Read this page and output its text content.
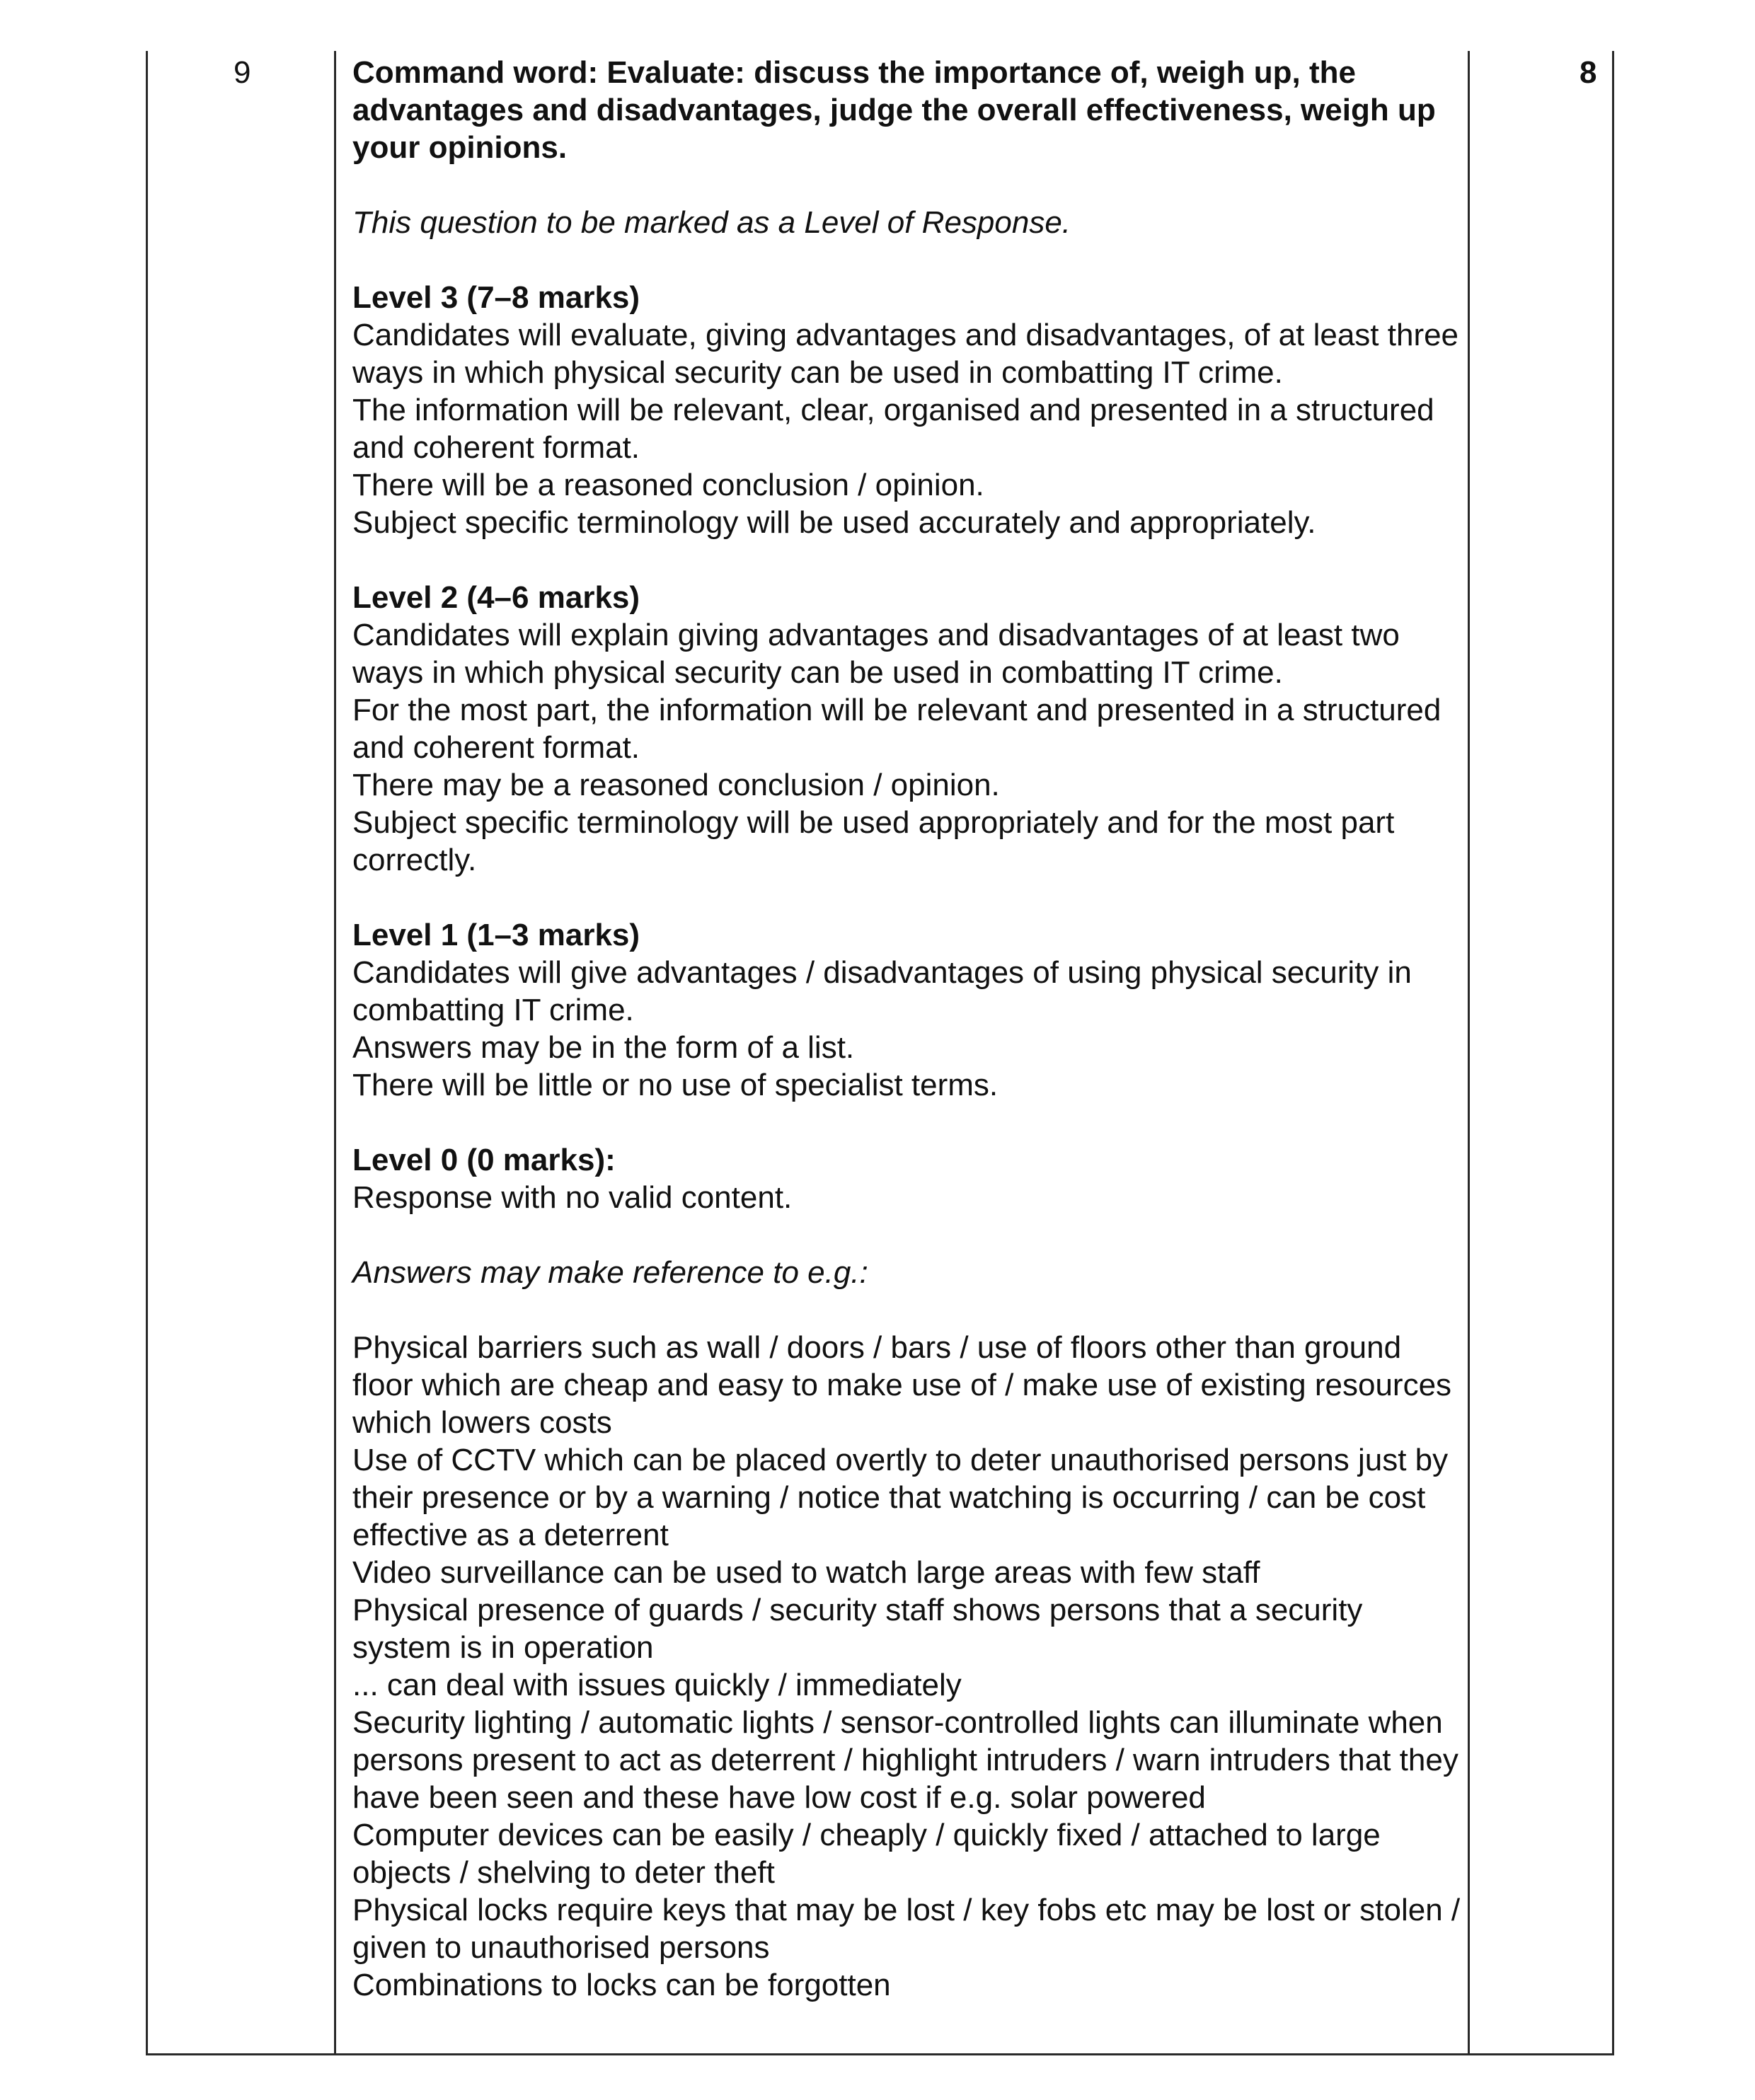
9	8

Command word: Evaluate: discuss the importance of, weigh up, the advantages and disadvantages, judge the overall effectiveness, weigh up your opinions.

This question to be marked as a Level of Response.

Level 3 (7–8 marks)

Candidates will evaluate, giving advantages and disadvantages, of at least three ways in which physical security can be used in combatting IT crime.

The information will be relevant, clear, organised and presented in a structured and coherent format.

There will be a reasoned conclusion / opinion.

Subject specific terminology will be used accurately and appropriately.

Level 2 (4–6 marks)

Candidates will explain giving advantages and disadvantages of at least two ways in which physical security can be used in combatting IT crime.

For the most part, the information will be relevant and presented in a structured and coherent format.

There may be a reasoned conclusion / opinion.

Subject specific terminology will be used appropriately and for the most part correctly.

Level 1 (1–3 marks)

Candidates will give advantages / disadvantages of using physical security in combatting IT crime.

Answers may be in the form of a list.

There will be little or no use of specialist terms.

Level 0 (0 marks):

Response with no valid content.

Answers may make reference to e.g.:

Physical barriers such as wall / doors / bars / use of floors other than ground floor which are cheap and easy to make use of / make use of existing resources which lowers costs

Use of CCTV which can be placed overtly to deter unauthorised persons just by their presence or by a warning / notice that watching is occurring / can be cost effective as a deterrent

Video surveillance can be used to watch large areas with few staff

Physical presence of guards / security staff shows persons that a security system is in operation

... can deal with issues quickly / immediately

Security lighting / automatic lights / sensor-controlled lights can illuminate when persons present to act as deterrent / highlight intruders / warn intruders that they have been seen and these have low cost if e.g. solar powered

Computer devices can be easily / cheaply / quickly fixed / attached to large objects / shelving to deter theft

Physical locks require keys that may be lost / key fobs etc may be lost or stolen / given to unauthorised persons

Combinations to locks can be forgotten
